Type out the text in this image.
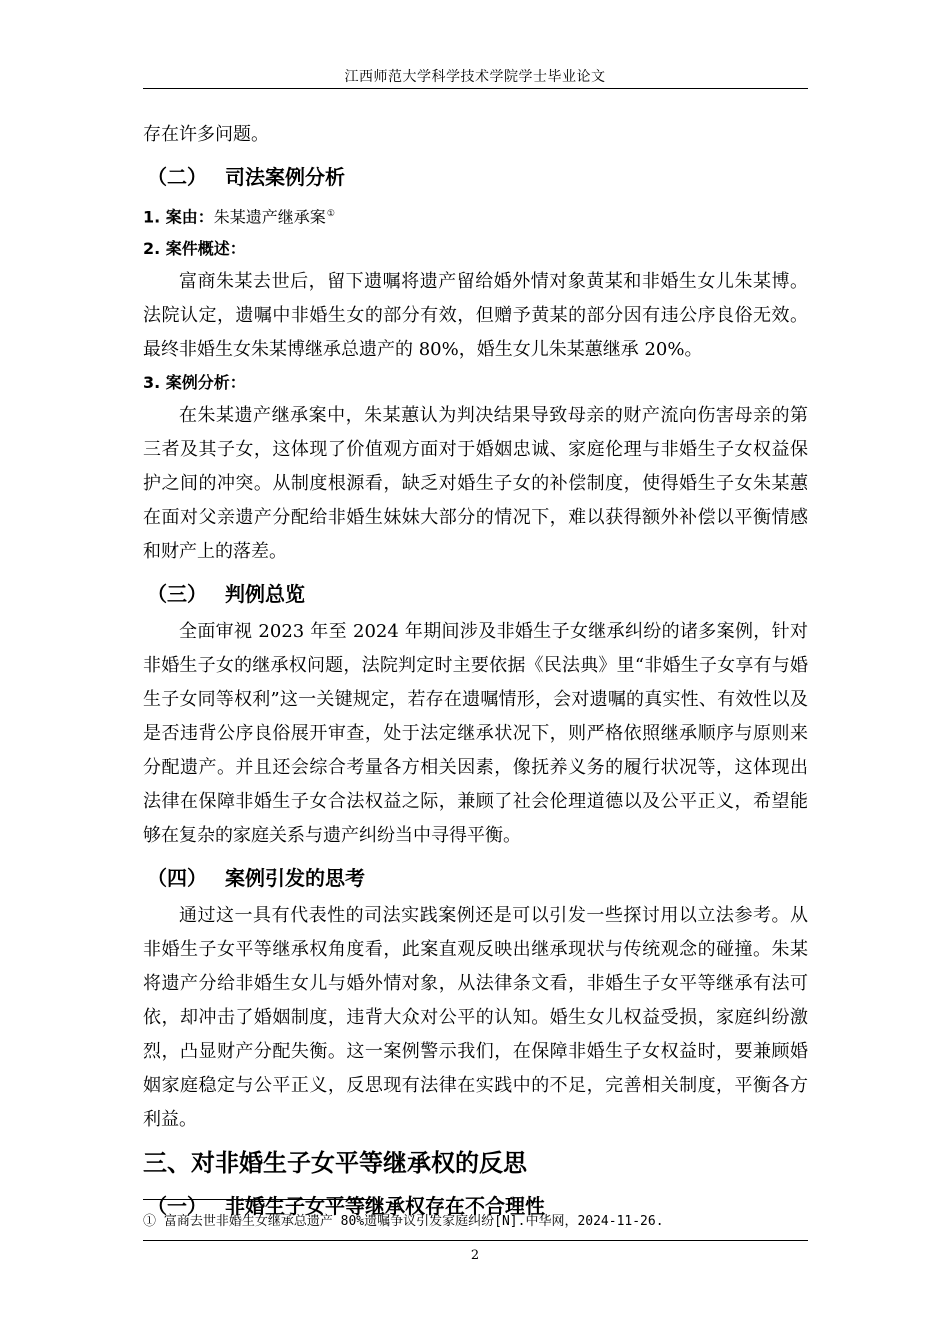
江西师范大学科学技术学院学士毕业论文

存在许多问题。

（二） 司法案例分析
1. 案由：朱某遗产继承案①
2. 案件概述：

富商朱某去世后，留下遗嘱将遗产留给婚外情对象黄某和非婚生女儿朱某博。法院认定，遗嘱中非婚生女的部分有效，但赠予黄某的部分因有违公序良俗无效。最终非婚生女朱某博继承总遗产的 80%，婚生女儿朱某蕙继承 20%。

3. 案例分析：

在朱某遗产继承案中，朱某蕙认为判决结果导致母亲的财产流向伤害母亲的第三者及其子女，这体现了价值观方面对于婚姻忠诚、家庭伦理与非婚生子女权益保护之间的冲突。从制度根源看，缺乏对婚生子女的补偿制度，使得婚生子女朱某蕙在面对父亲遗产分配给非婚生妹妹大部分的情况下，难以获得额外补偿以平衡情感和财产上的落差。

（三） 判例总览

全面审视 2023 年至 2024 年期间涉及非婚生子女继承纠纷的诸多案例，针对非婚生子女的继承权问题，法院判定时主要依据《民法典》里“非婚生子女享有与婚生子女同等权利”这一关键规定，若存在遗嘱情形，会对遗嘱的真实性、有效性以及是否违背公序良俗展开审查，处于法定继承状况下，则严格依照继承顺序与原则来分配遗产。并且还会综合考量各方相关因素，像抚养义务的履行状况等，这体现出法律在保障非婚生子女合法权益之际，兼顾了社会伦理道德以及公平正义，希望能够在复杂的家庭关系与遗产纠纷当中寻得平衡。

（四） 案例引发的思考

通过这一具有代表性的司法实践案例还是可以引发一些探讨用以立法参考。从非婚生子女平等继承权角度看，此案直观反映出继承现状与传统观念的碰撞。朱某将遗产分给非婚生女儿与婚外情对象，从法律条文看，非婚生子女平等继承有法可依，却冲击了婚姻制度，违背大众对公平的认知。婚生女儿权益受损，家庭纠纷激烈，凸显财产分配失衡。这一案例警示我们，在保障非婚生子女权益时，要兼顾婚姻家庭稳定与公平正义，反思现有法律在实践中的不足，完善相关制度，平衡各方利益。

三、对非婚生子女平等继承权的反思
（一） 非婚生子女平等继承权存在不合理性
① 富商去世非婚生女继承总遗产 80%遗嘱争议引发家庭纠纷[N].中华网，2024-11-26.
2
